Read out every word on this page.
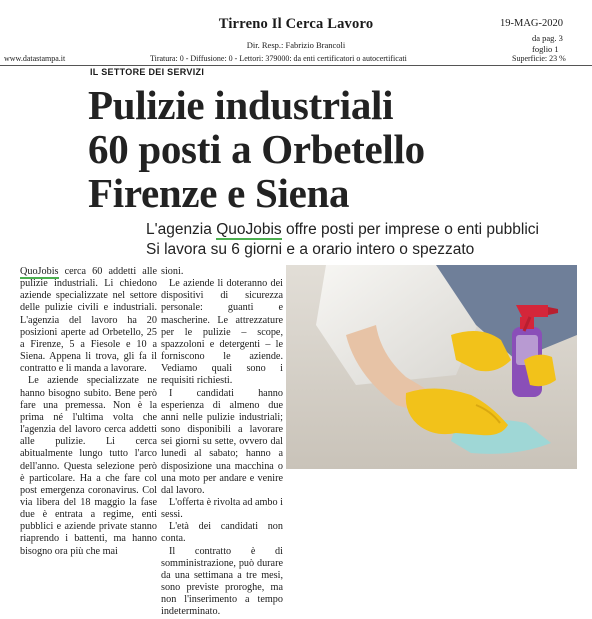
Tirreno Il Cerca Lavoro	19-MAG-2020
da pag. 3
foglio 1
Dir. Resp.: Fabrizio Brancoli
www.datastampa.it	Tiratura: 0 - Diffusione: 0 - Lettori: 379000: da enti certificatori o autocertificati	Superficie: 23 %
IL SETTORE DEI SERVIZI
Pulizie industriali
60 posti a Orbetello
Firenze e Siena
L'agenzia QuoJobis offre posti per imprese o enti pubblici
Si lavora su 6 giorni e a orario intero o spezzato

QuoJobis cerca 60 addetti alle pulizie industriali. Li chiedono aziende specializzate nel settore delle pulizie civili e industriali. L'agenzia del lavoro ha 20 posizioni aperte ad Orbetello, 25 a Firenze, 5 a Fiesole e 10 a Siena. Appena li trova, gli fa il contratto e li manda a lavorare.

Le aziende specializzate ne hanno bisogno subito. Bene però fare una premessa. Non è la prima né l'ultima volta che l'agenzia del lavoro cerca addetti alle pulizie. Li cerca abitualmente lungo tutto l'arco dell'anno. Questa selezione però è particolare. Ha a che fare col post emergenza coronavirus. Col via libera del 18 maggio la fase due è entrata a regime, enti pubblici e aziende private stanno riaprendo i battenti, ma hanno bisogno ora più che mai

sioni.

Le aziende li doteranno dei dispositivi di sicurezza personale: guanti e mascherine. Le attrezzature per le pulizie – scope, spazzoloni e detergenti – le forniscono le aziende. Vediamo quali sono i requisiti richiesti.

I candidati hanno esperienza di almeno due anni nelle pulizie industriali; sono disponibili a lavorare sei giorni su sette, ovvero dal lunedì al sabato; hanno a disposizione una macchina o una moto per andare e venire dal lavoro.

L'offerta è rivolta ad ambo i sessi.

L'età dei candidati non conta.

Il contratto è di somministrazione, può durare da una settimana a tre mesi, sono previste proroghe, ma non l'inserimento a tempo indeterminato.
